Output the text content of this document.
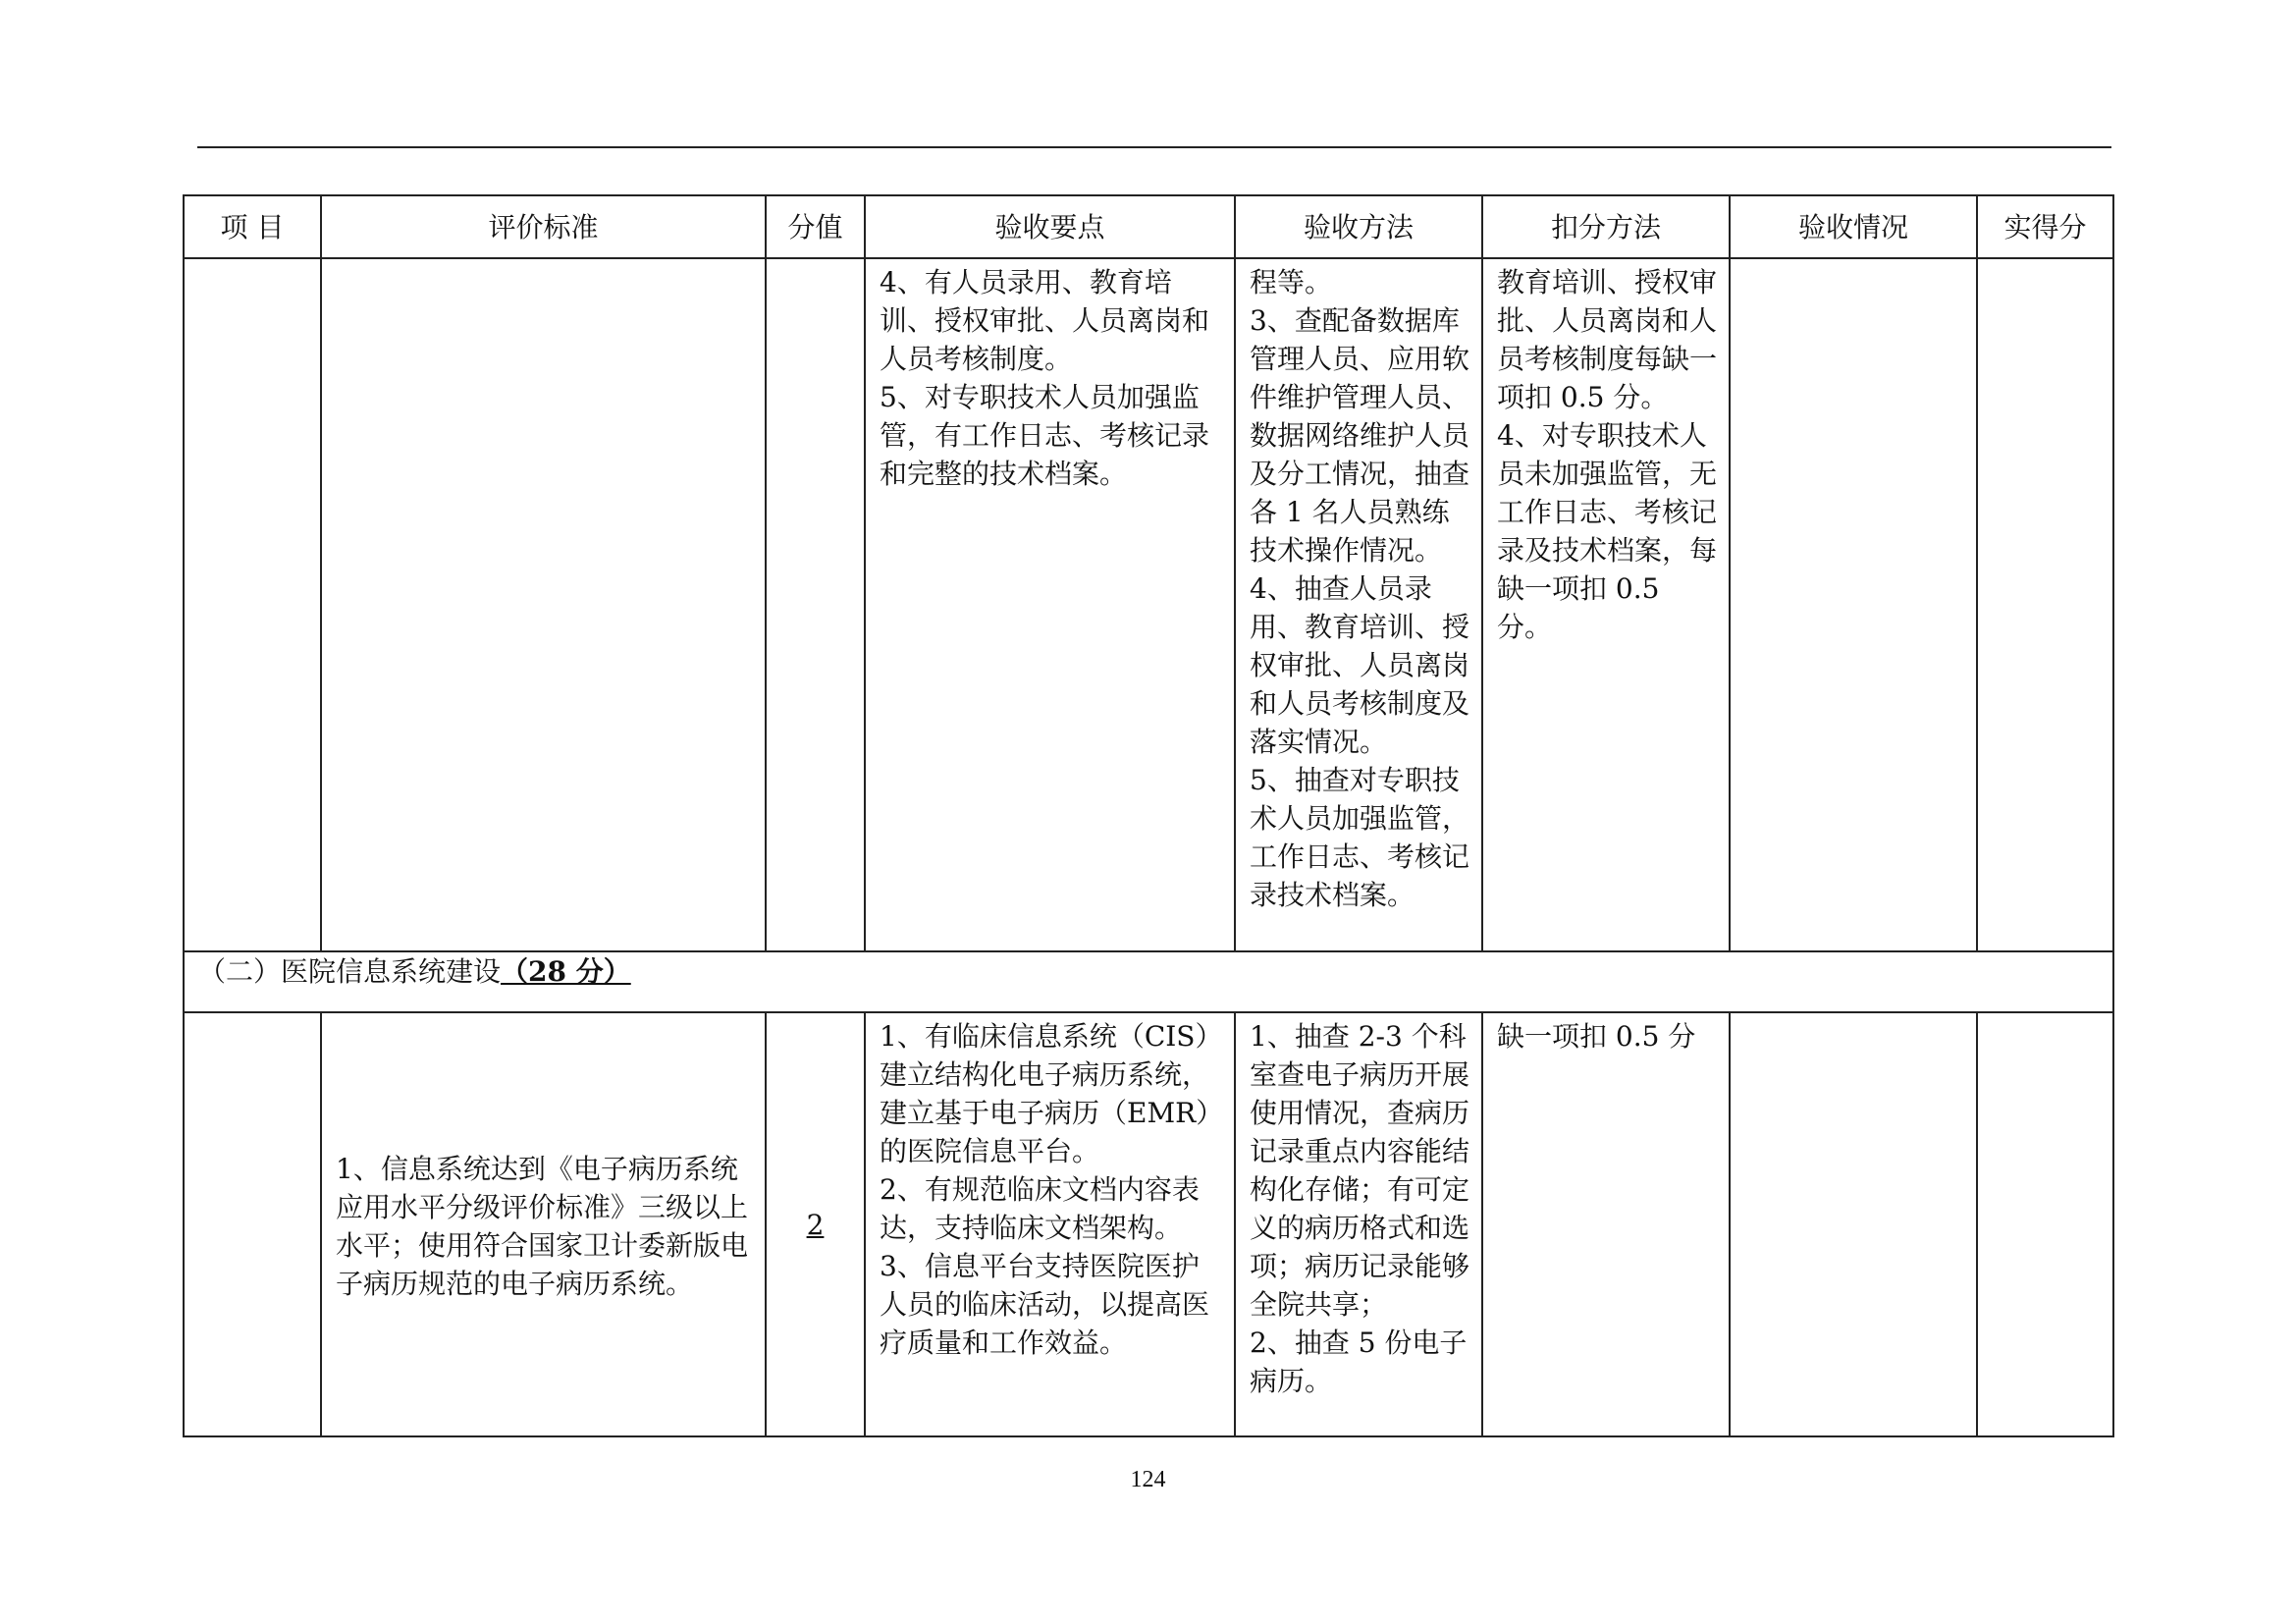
项 目	评价标准	分值	验收要点	验收方法	扣分方法	验收情况	实得分

			4、有人员录用、教育培训、授权审批、人员离岗和人员考核制度。
5、对专职技术人员加强监管，有工作日志、考核记录和完整的技术档案。	程等。
3、查配备数据库管理人员、应用软件维护管理人员、数据网络维护人员及分工情况，抽查各 1 名人员熟练技术操作情况。
4、抽查人员录用、教育培训、授权审批、人员离岗和人员考核制度及落实情况。
5、抽查对专职技术人员加强监管，工作日志、考核记录技术档案。	教育培训、授权审批、人员离岗和人员考核制度每缺一项扣 0.5 分。
4、对专职技术人员未加强监管，无工作日志、考核记录及技术档案，每缺一项扣 0.5 分。		

（二）医院信息系统建设（28 分）							

	1、信息系统达到《电子病历系统应用水平分级评价标准》三级以上水平；使用符合国家卫计委新版电子病历规范的电子病历系统。	2	1、有临床信息系统（CIS）建立结构化电子病历系统，建立基于电子病历（EMR）的医院信息平台。
2、有规范临床文档内容表达，支持临床文档架构。
3、信息平台支持医院医护人员的临床活动，以提高医疗质量和工作效益。	1、抽查 2-3 个科室查电子病历开展使用情况，查病历记录重点内容能结构化存储；有可定义的病历格式和选项；病历记录能够全院共享；
2、抽查 5 份电子病历。	缺一项扣 0.5 分		

124
